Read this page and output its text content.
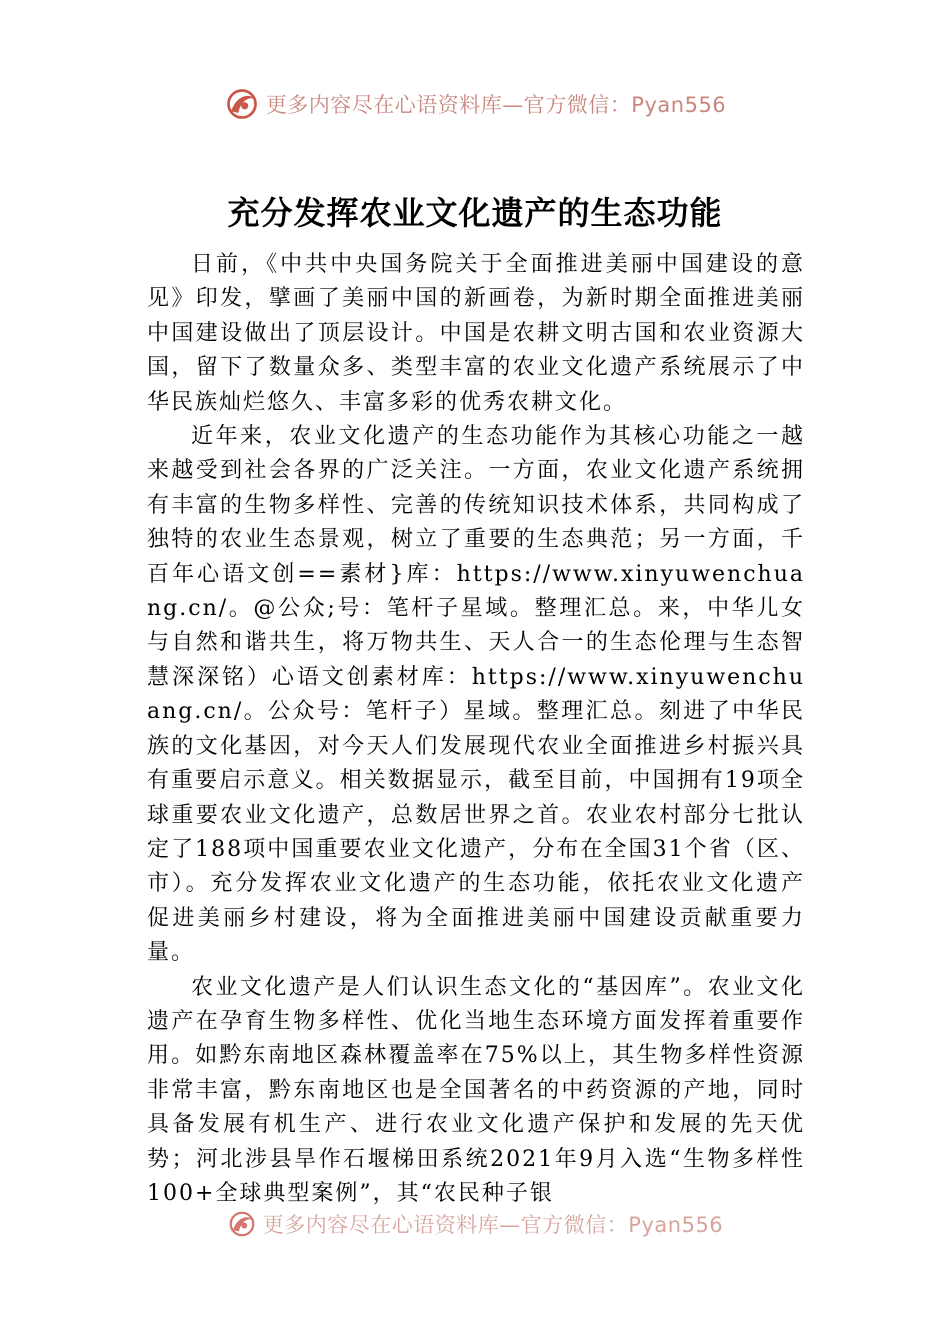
更多内容尽在心语资料库—官方微信：Pyan556
充分发挥农业文化遗产的生态功能

日前，《中共中央国务院关于全面推进美丽中国建设的意见》印发，擘画了美丽中国的新画卷，为新时期全面推进美丽中国建设做出了顶层设计。中国是农耕文明古国和农业资源大国，留下了数量众多、类型丰富的农业文化遗产系统展示了中华民族灿烂悠久、丰富多彩的优秀农耕文化。

近年来，农业文化遗产的生态功能作为其核心功能之一越来越受到社会各界的广泛关注。一方面，农业文化遗产系统拥有丰富的生物多样性、完善的传统知识技术体系，共同构成了独特的农业生态景观，树立了重要的生态典范；另一方面，千百年心语文创==素材}库：https://www.xinyuwenchuang.cn/。@公众;号：笔杆子星域。整理汇总。来，中华儿女与自然和谐共生，将万物共生、天人合一的生态伦理与生态智慧深深铭）心语文创素材库：https://www.xinyuwenchuang.cn/。公众号：笔杆子）星域。整理汇总。刻进了中华民族的文化基因，对今天人们发展现代农业全面推进乡村振兴具有重要启示意义。相关数据显示，截至目前，中国拥有19项全球重要农业文化遗产，总数居世界之首。农业农村部分七批认定了188项中国重要农业文化遗产，分布在全国31个省（区、市）。充分发挥农业文化遗产的生态功能，依托农业文化遗产促进美丽乡村建设，将为全面推进美丽中国建设贡献重要力量。

农业文化遗产是人们认识生态文化的“基因库”。农业文化遗产在孕育生物多样性、优化当地生态环境方面发挥着重要作用。如黔东南地区森林覆盖率在75%以上，其生物多样性资源非常丰富，黔东南地区也是全国著名的中药资源的产地，同时具备发展有机生产、进行农业文化遗产保护和发展的先天优势；河北涉县旱作石堰梯田系统2021年9月入选“生物多样性100+全球典型案例”，其“农民种子银

更多内容尽在心语资料库—官方微信：Pyan556
